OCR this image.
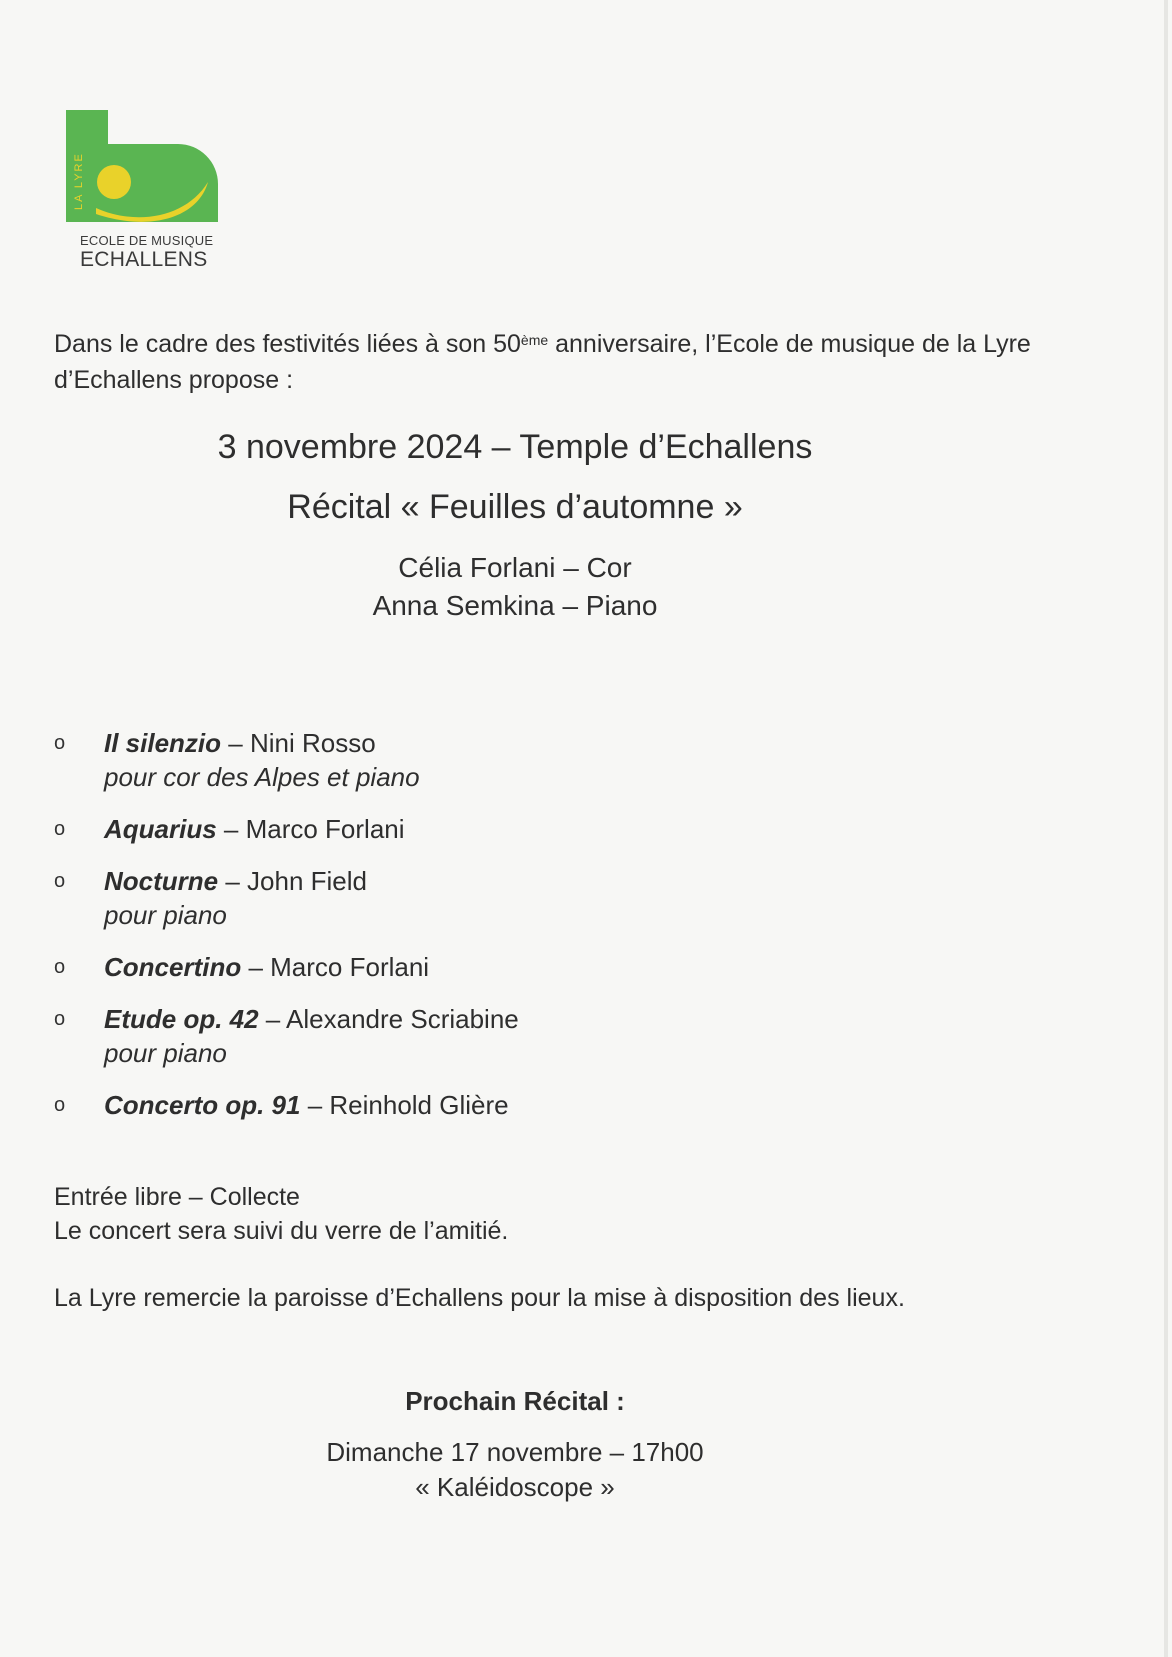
LA LYRE
ECOLE DE MUSIQUE
ECHALLENS
Dans le cadre des festivités liées à son 50ème anniversaire, l’Ecole de musique de la Lyre d’Echallens propose :
3 novembre 2024 – Temple d’Echallens
Récital « Feuilles d’automne »
Célia Forlani – Cor
Anna Semkina – Piano
o Il silenzio – Nini Rosso
pour cor des Alpes et piano
o Aquarius – Marco Forlani
o Nocturne – John Field
pour piano
o Concertino – Marco Forlani
o Etude op. 42 – Alexandre Scriabine
pour piano
o Concerto op. 91 – Reinhold Glière
Entrée libre – Collecte
Le concert sera suivi du verre de l’amitié.
La Lyre remercie la paroisse d’Echallens pour la mise à disposition des lieux.
Prochain Récital :
Dimanche 17 novembre – 17h00
« Kaléidoscope »
